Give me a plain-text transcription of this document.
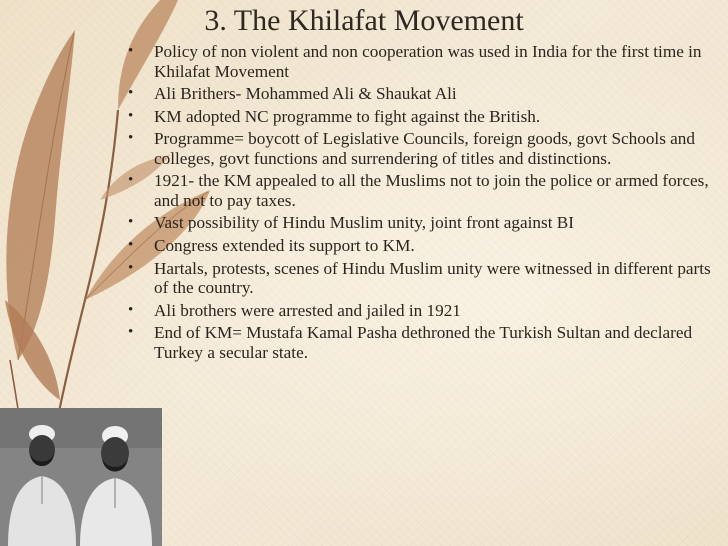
3. The Khilafat Movement
•	Policy of non violent and non cooperation was used in India for the first time in Khilafat Movement
•	Ali Brithers- Mohammed Ali & Shaukat Ali
•	KM adopted NC programme to fight against the British.
•	Programme= boycott of Legislative Councils, foreign goods, govt Schools and colleges, govt functions and surrendering of titles and distinctions.
•	1921- the KM appealed to all the Muslims not to join the police or armed forces, and not to pay taxes.
•	Vast possibility of Hindu Muslim unity, joint front against BI
•	Congress extended its support to KM.
•	Hartals, protests, scenes of Hindu Muslim unity were witnessed in different parts of the country.
•	Ali brothers were arrested and jailed in 1921
•	End of KM= Mustafa Kamal Pasha dethroned the Turkish Sultan and declared Turkey a secular state.
